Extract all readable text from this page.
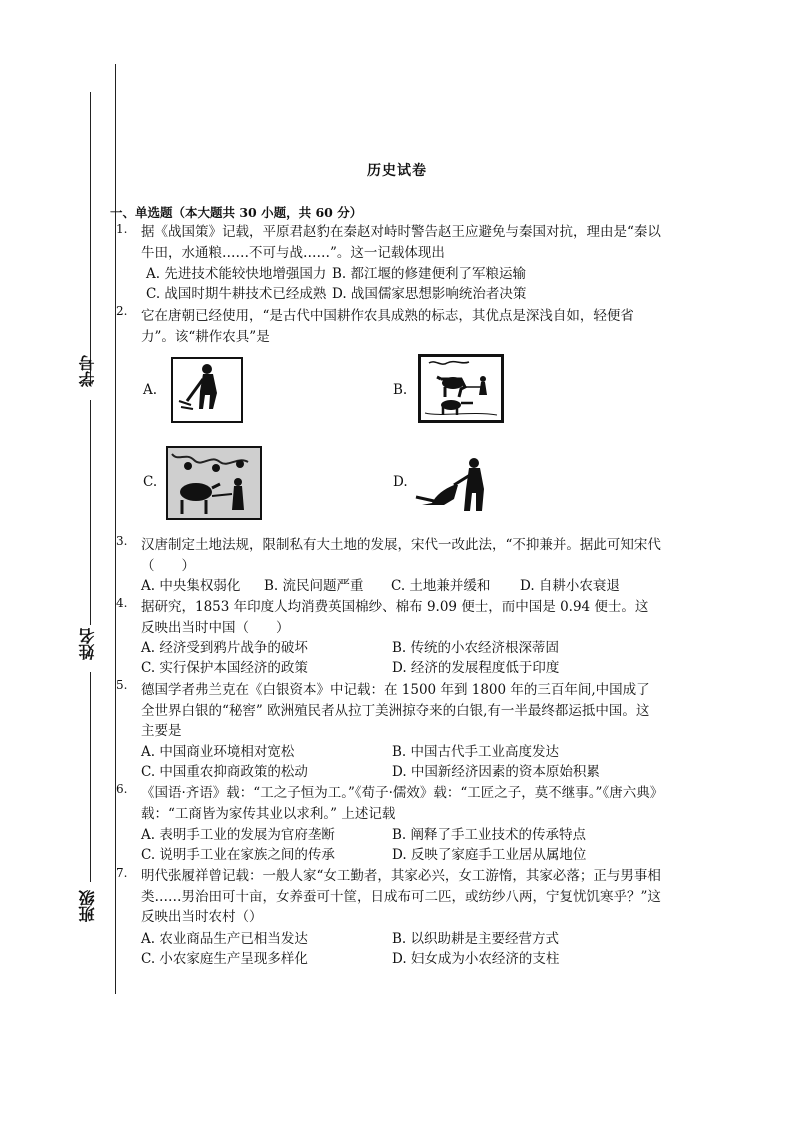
学号
姓名
班级
历史试卷
一、单选题（本大题共 30 小题，共 60 分）
1. 据《战国策》记载，平原君赵豹在秦赵对峙时警告赵王应避免与秦国对抗，理由是“秦以牛田，水通粮……不可与战……”。这一记载体现出
A. 先进技术能较快地增强国力 B. 都江堰的修建便利了军粮运输
C. 战国时期牛耕技术已经成熟 D. 战国儒家思想影响统治者决策
2. 它在唐朝已经使用，“是古代中国耕作农具成熟的标志，其优点是深浅自如，轻便省力”。该“耕作农具”是
A.	B.
C.	D.
3. 汉唐制定土地法规，限制私有大土地的发展，宋代一改此法，“不抑兼并。据此可知宋代（　　）
A. 中央集权弱化 B. 流民问题严重 C. 土地兼并缓和 D. 自耕小农衰退
4. 据研究，1853 年印度人均消费英国棉纱、棉布 9.09 便士，而中国是 0.94 便士。这反映出当时中国（　　）
A. 经济受到鸦片战争的破坏	B. 传统的小农经济根深蒂固
C. 实行保护本国经济的政策	D. 经济的发展程度低于印度
5. 德国学者弗兰克在《白银资本》中记载：在 1500 年到 1800 年的三百年间,中国成了全世界白银的“秘窖” 欧洲殖民者从拉丁美洲掠夺来的白银,有一半最终都运抵中国。这主要是
A. 中国商业环境相对宽松	B. 中国古代手工业高度发达
C. 中国重农抑商政策的松动	D. 中国新经济因素的资本原始积累
6. 《国语·齐语》载：“工之子恒为工。”《荀子·儒效》载：“工匠之子，莫不继事。”《唐六典》载：“工商皆为家传其业以求利。” 上述记载
A. 表明手工业的发展为官府垄断	B. 阐释了手工业技术的传承特点
C. 说明手工业在家族之间的传承	D. 反映了家庭手工业居从属地位
7. 明代张履祥曾记载：一般人家“女工勤者，其家必兴，女工游惰，其家必落；正与男事相类……男治田可十亩，女养蚕可十筐，日成布可二匹，或纺纱八两，宁复忧饥寒乎？”这反映出当时农村（）
A. 农业商品生产已相当发达	B. 以织助耕是主要经营方式
C. 小农家庭生产呈现多样化	D. 妇女成为小农经济的支柱
